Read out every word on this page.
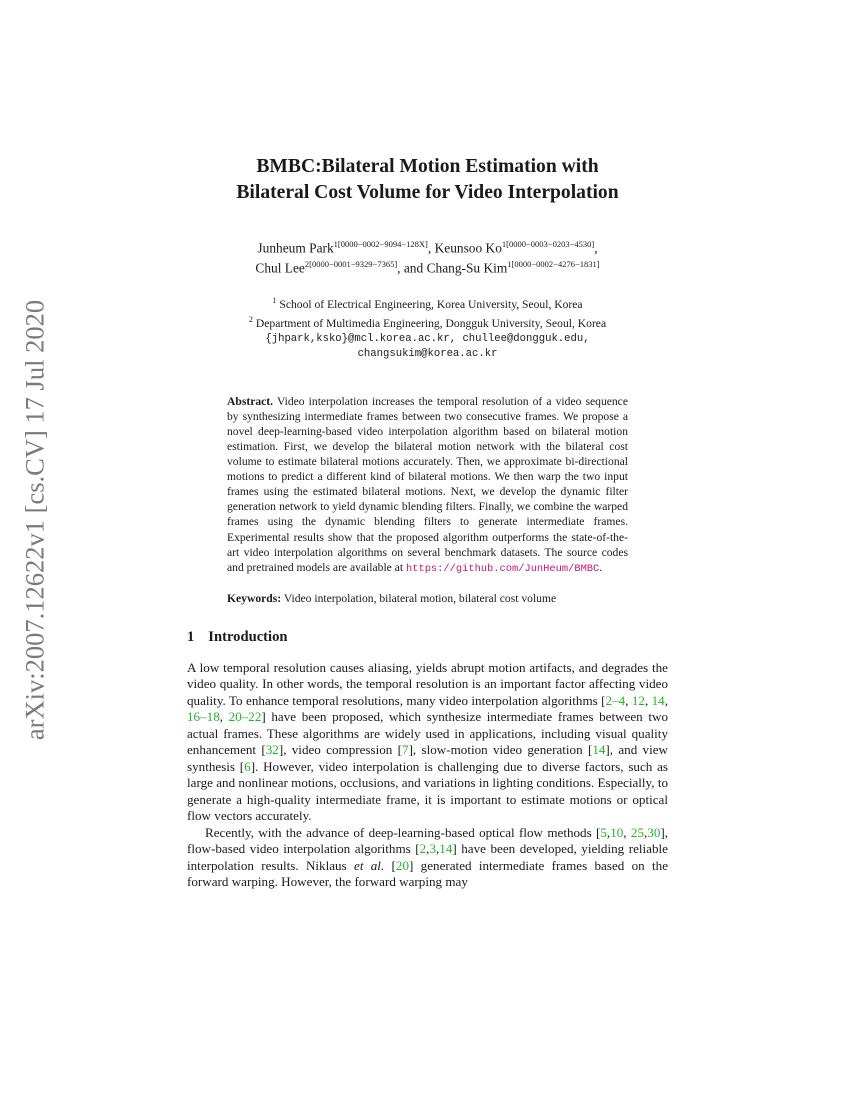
arXiv:2007.12622v1 [cs.CV] 17 Jul 2020
BMBC:Bilateral Motion Estimation with
Bilateral Cost Volume for Video Interpolation
Junheum Park$^{1[0000-0002-9094-128X]}$, Keunsoo $Ko^{1[0000-0003-0203-4530]}$,
Chul Lee$^{2[0000-0001-9329-7365]}$, and Chang-Su Kim$^{1[0000-0002-4276-1831]}$
$^1$ School of Electrical Engineering, Korea University, Seoul, Korea
$^2$ Department of Multimedia Engineering, Dongguk University, Seoul, Korea
{jhpark,ksko}@mcl.korea.ac.kr, chullee@dongguk.edu,
changsukim@korea.ac.kr
Abstract. Video interpolation increases the temporal resolution of a video sequence by synthesizing intermediate frames between two consecutive frames. We propose a novel deep-learning-based video interpolation algorithm based on bilateral motion estimation. First, we develop the bilateral motion network with the bilateral cost volume to estimate bilateral motions accurately. Then, we approximate bi-directional motions to predict a different kind of bilateral motions. We then warp the two input frames using the estimated bilateral motions. Next, we develop the dynamic filter generation network to yield dynamic blending filters. Finally, we combine the warped frames using the dynamic blending filters to generate intermediate frames. Experimental results show that the proposed algorithm outperforms the state-of-the-art video interpolation algorithms on several benchmark datasets. The source codes and pretrained models are available at https://github.com/JunHeum/BMBC.
Keywords: Video interpolation, bilateral motion, bilateral cost volume
1 Introduction

A low temporal resolution causes aliasing, yields abrupt motion artifacts, and degrades the video quality. In other words, the temporal resolution is an important factor affecting video quality. To enhance temporal resolutions, many video interpolation algorithms [2–4, 12, 14, 16–18, 20–22] have been proposed, which synthesize intermediate frames between two actual frames. These algorithms are widely used in applications, including visual quality enhancement [32], video compression [7], slow-motion video generation [14], and view synthesis [6]. However, video interpolation is challenging due to diverse factors, such as large and nonlinear motions, occlusions, and variations in lighting conditions. Especially, to generate a high-quality intermediate frame, it is important to estimate motions or optical flow vectors accurately.

Recently, with the advance of deep-learning-based optical flow methods [5,10, 25,30], flow-based video interpolation algorithms [2,3,14] have been developed, yielding reliable interpolation results. Niklaus et al. [20] generated intermediate frames based on the forward warping. However, the forward warping may
